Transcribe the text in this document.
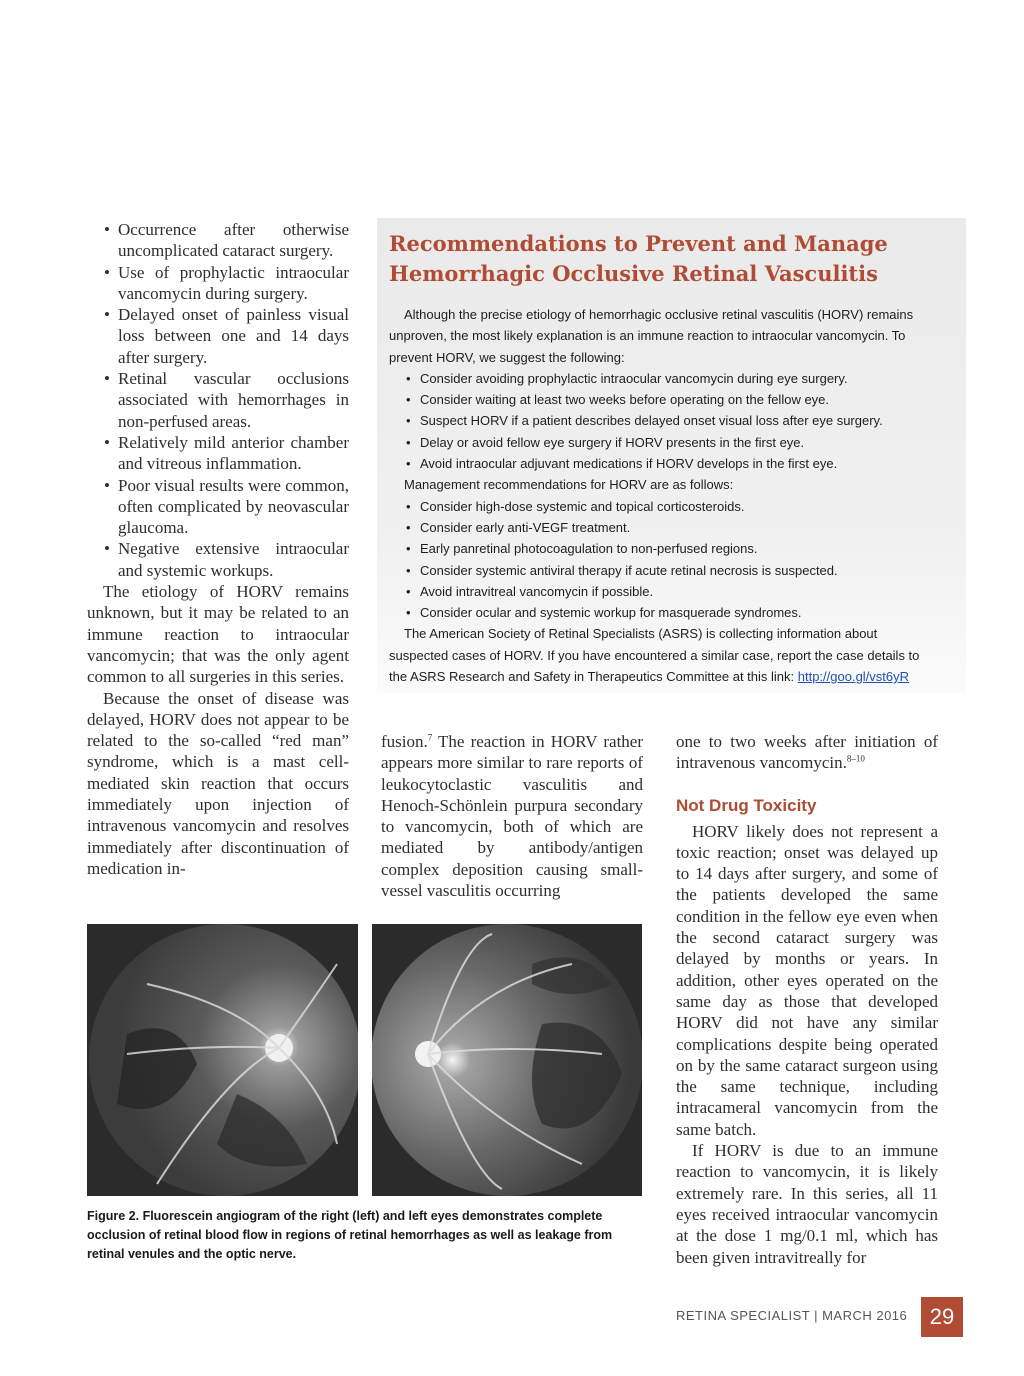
• Occurrence after otherwise uncomplicated cataract surgery.
• Use of prophylactic intraocular vancomycin during surgery.
• Delayed onset of painless visual loss between one and 14 days after surgery.
• Retinal vascular occlusions associated with hemorrhages in non-perfused areas.
• Relatively mild anterior chamber and vitreous inflammation.
• Poor visual results were common, often complicated by neovascular glaucoma.
• Negative extensive intraocular and systemic workups.

The etiology of HORV remains unknown, but it may be related to an immune reaction to intraocular vancomycin; that was the only agent common to all surgeries in this series.

Because the onset of disease was delayed, HORV does not appear to be related to the so-called “red man” syndrome, which is a mast cell-mediated skin reaction that occurs immediately upon injection of intravenous vancomycin and resolves immediately after discontinuation of medication in-

Recommendations to Prevent and Manage
Hemorrhagic Occlusive Retinal Vasculitis
Although the precise etiology of hemorrhagic occlusive retinal vasculitis (HORV) remains unproven, the most likely explanation is an immune reaction to intraocular vancomycin. To prevent HORV, we suggest the following:
• Consider avoiding prophylactic intraocular vancomycin during eye surgery.
• Consider waiting at least two weeks before operating on the fellow eye.
• Suspect HORV if a patient describes delayed onset visual loss after eye surgery.
• Delay or avoid fellow eye surgery if HORV presents in the first eye.
• Avoid intraocular adjuvant medications if HORV develops in the first eye.
Management recommendations for HORV are as follows:
• Consider high-dose systemic and topical corticosteroids.
• Consider early anti-VEGF treatment.
• Early panretinal photocoagulation to non-perfused regions.
• Consider systemic antiviral therapy if acute retinal necrosis is suspected.
• Avoid intravitreal vancomycin if possible.
• Consider ocular and systemic workup for masquerade syndromes.
The American Society of Retinal Specialists (ASRS) is collecting information about suspected cases of HORV. If you have encountered a similar case, report the case details to the ASRS Research and Safety in Therapeutics Committee at this link: http://goo.gl/vst6yR

fusion.$^7$ The reaction in HORV rather appears more similar to rare reports of leukocytoclastic vasculitis and Henoch-Schönlein purpura secondary to vancomycin, both of which are mediated by antibody/antigen complex deposition causing small-vessel vasculitis occurring

one to two weeks after initiation of intravenous vancomycin.$^{8-10}$

Not Drug Toxicity

HORV likely does not represent a toxic reaction; onset was delayed up to 14 days after surgery, and some of the patients developed the same condition in the fellow eye even when the second cataract surgery was delayed by months or years. In addition, other eyes operated on the same day as those that developed HORV did not have any similar complications despite being operated on by the same cataract surgeon using the same technique, including intracameral vancomycin from the same batch.

If HORV is due to an immune reaction to vancomycin, it is likely extremely rare. In this series, all 11 eyes received intraocular vancomycin at the dose 1 mg/0.1 ml, which has been given intravitreally for

Figure 2. Fluorescein angiogram of the right (left) and left eyes demonstrates complete occlusion of retinal blood flow in regions of retinal hemorrhages as well as leakage from retinal venules and the optic nerve.
RETINA SPECIALIST | MARCH 2016	29
